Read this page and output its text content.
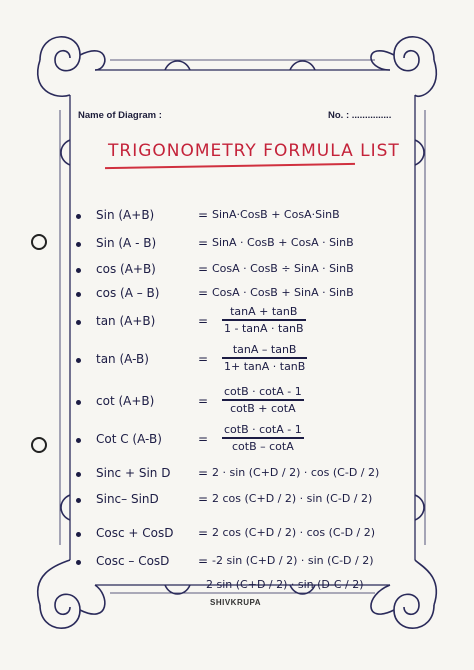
Name of Diagram :	No. : ...............
TRIGONOMETRY FORMULA LIST
Sin (A+B)	= SinA·CosB + CosA·SinB
Sin (A - B)	= SinA · CosB + CosA · SinB
cos (A+B)	= CosA · CosB ÷ SinA · SinB
cos (A – B)	= CosA · CosB + SinA · SinB
tan (A+B)	=
tanA + tanB
1 - tanA · tanB
tan (A-B)	=
tanA – tanB
1+ tanA · tanB
cot (A+B)	=
cotB · cotA - 1
cotB + cotA
Cot C (A-B)	=
cotB · cotA - 1
cotB – cotA
Sinc + Sin D = 2 · sin (C+D / 2) · cos (C-D / 2)
Sinc– SinD	= 2 cos (C+D / 2) · sin (C-D / 2)
Cosc + CosD = 2 cos (C+D / 2) · cos (C-D / 2)
Cosc – CosD = -2 sin (C+D / 2) · sin (C-D / 2)
2 sin (C+D / 2) · sin (D-C / 2)
SHIVKRUPA
